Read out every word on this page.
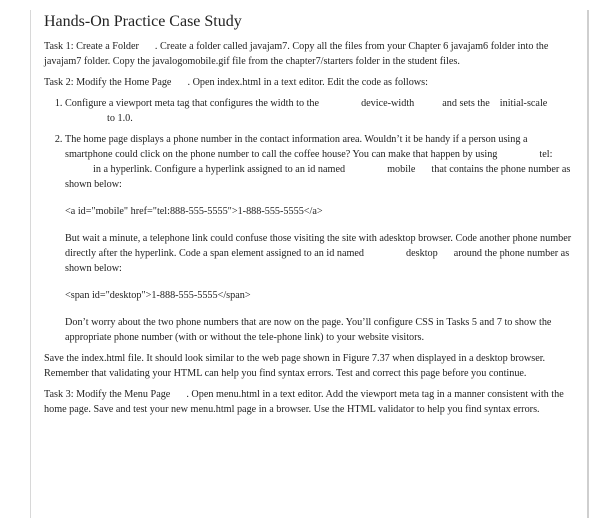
Hands-On Practice Case Study

Task 1: Create a Folder . Create a folder called javajam7. Copy all the files from your Chapter 6 javajam6 folder into the javajam7 folder. Copy the javalogomobile.gif file from the chapter7/starters folder in the student files.

Task 2: Modify the Home Page . Open index.html in a text editor. Edit the code as follows:

1. Configure a viewport meta tag that configures the width to the	device-width	and sets the initial-scaleto 1.0.
2. The home page displays a phone number in the contact information area. Wouldn’t it be handy if a person using a smartphone could click on the phone number to call the coffee house? You can make that happen by using	tel:in a hyperlink. Configure a hyperlink assigned to an id named	mobile that contains the phone number as shown below:
<a id="mobile" href="tel:888-555-5555">1-888-555-5555</a>
But wait a minute, a telephone link could confuse those visiting the site with adesktop browser. Code another phone number directly after the hyperlink. Code a span element assigned to an id named	desktop around the phone number as shown below:
<span id="desktop">1-888-555-5555</span>
Don’t worry about the two phone numbers that are now on the page. You’ll configure CSS in Tasks 5 and 7 to show the appropriate phone number (with or without the tele-phone link) to your website visitors.

Save the index.html file. It should look similar to the web page shown in Figure 7.37 when displayed in a desktop browser. Remember that validating your HTML can help you find syntax errors. Test and correct this page before you continue.

Task 3: Modify the Menu Page . Open menu.html in a text editor. Add the viewport meta tag in a manner consistent with the home page. Save and test your new menu.html page in a browser. Use the HTML validator to help you find syntax errors.
